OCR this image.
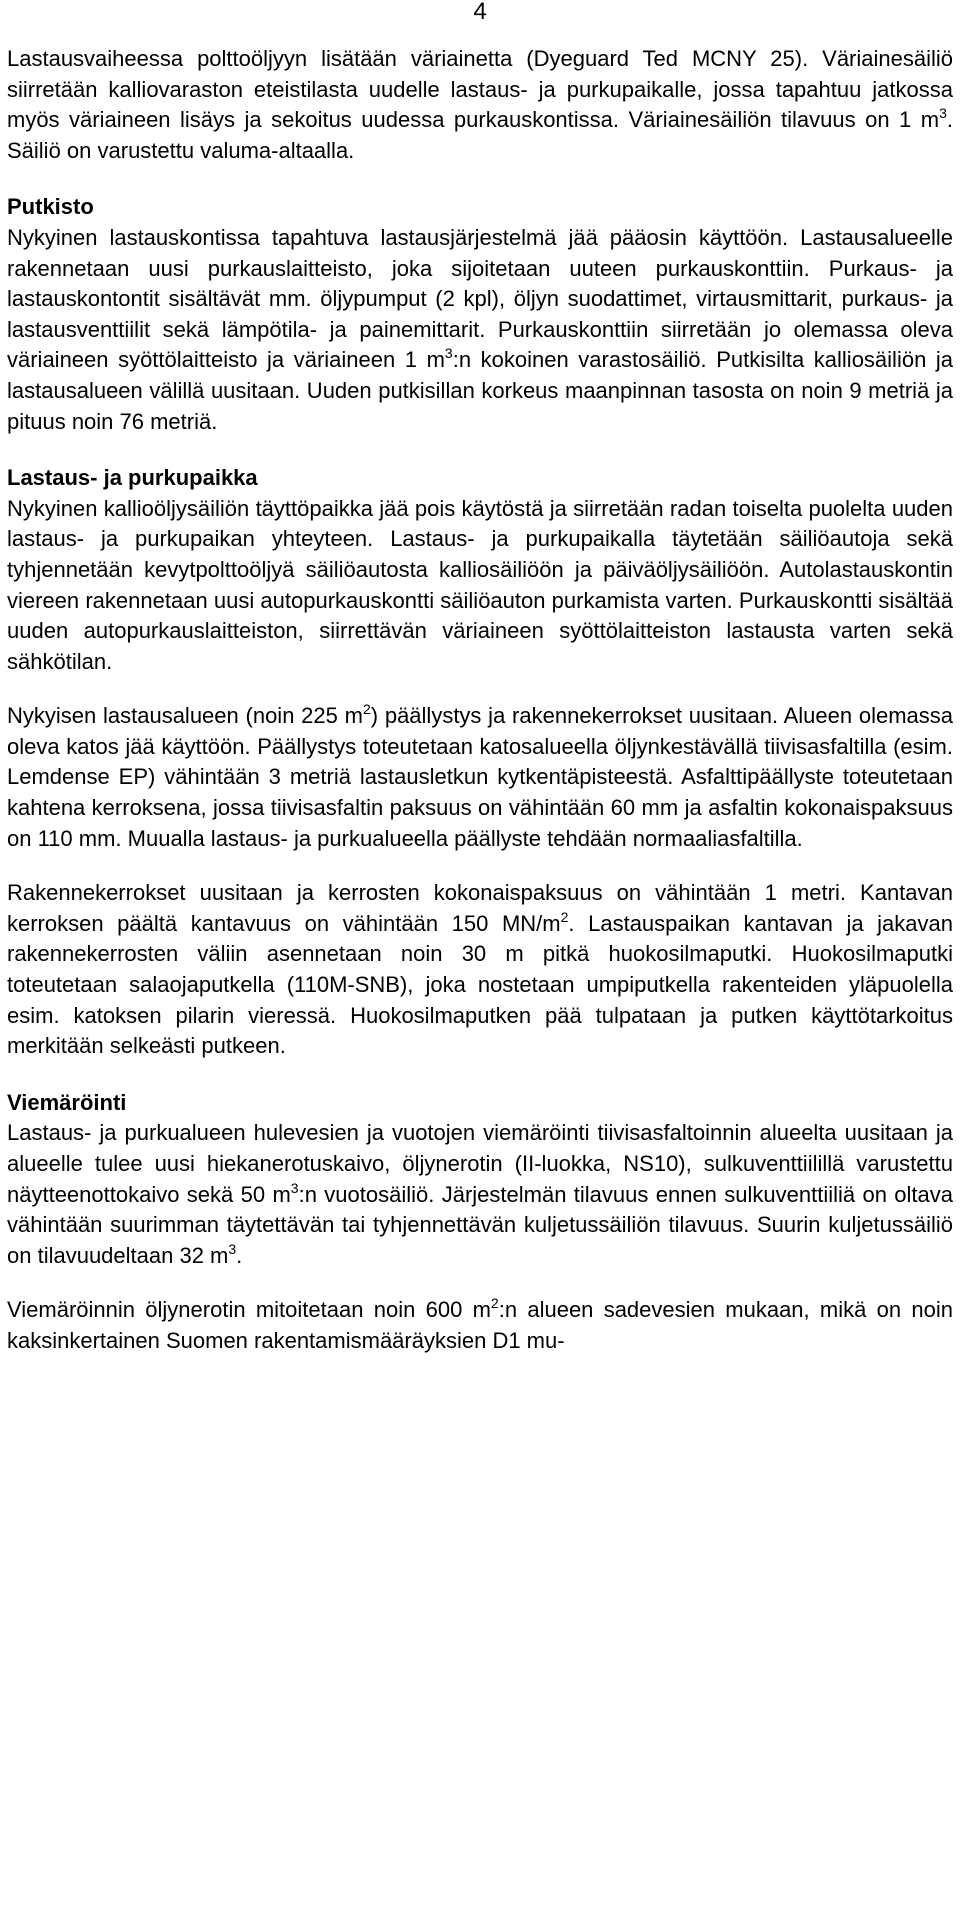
4

Lastausvaiheessa polttoöljyyn lisätään väriainetta (Dyeguard Ted MCNY 25). Väriainesäiliö siirretään kalliovaraston eteistilasta uudelle lastaus- ja purkupaikalle, jossa tapahtuu jatkossa myös väriaineen lisäys ja sekoitus uudessa purkauskontissa. Väriainesäiliön tilavuus on 1 $m^3$. Säiliö on varustettu valuma-altaalla.

Putkisto

Nykyinen lastauskontissa tapahtuva lastausjärjestelmä jää pääosin käyttöön. Lastausalueelle rakennetaan uusi purkauslaitteisto, joka sijoitetaan uuteen purkauskonttiin. Purkaus- ja lastauskontontit sisältävät mm. öljypumput (2 kpl), öljyn suodattimet, virtausmittarit, purkaus- ja lastausventtiilit sekä lämpötila- ja painemittarit. Purkauskonttiin siirretään jo olemassa oleva väriaineen syöttölaitteisto ja väriaineen 1 $m^3:n$ kokoinen varastosäiliö. Putkisilta kalliosäiliön ja lastausalueen välillä uusitaan. Uuden putkisillan korkeus maanpinnan tasosta on noin 9 metriä ja pituus noin 76 metriä.

Lastaus- ja purkupaikka

Nykyinen kallioöljysäiliön täyttöpaikka jää pois käytöstä ja siirretään radan toiselta puolelta uuden lastaus- ja purkupaikan yhteyteen. Lastaus- ja purkupaikalla täytetään säiliöautoja sekä tyhjennetään kevytpolttoöljyä säiliöautosta kalliosäiliöön ja päiväöljysäiliöön. Autolastauskontin viereen rakennetaan uusi autopurkauskontti säiliöauton purkamista varten. Purkauskontti sisältää uuden autopurkauslaitteiston, siirrettävän väriaineen syöttölaitteiston lastausta varten sekä sähkötilan.

Nykyisen lastausalueen (noin 225 $m^2$) päällystys ja rakennekerrokset uusitaan. Alueen olemassa oleva katos jää käyttöön. Päällystys toteutetaan katosalueella öljynkestävällä tiivisasfaltilla (esim. Lemdense EP) vähintään 3 metriä lastausletkun kytkentäpisteestä. Asfalttipäällyste toteutetaan kahtena kerroksena, jossa tiivisasfaltin paksuus on vähintään 60 mm ja asfaltin kokonaispaksuus on 110 mm. Muualla lastaus- ja purkualueella päällyste tehdään normaaliasfaltilla.

Rakennekerrokset uusitaan ja kerrosten kokonaispaksuus on vähintään 1 metri. Kantavan kerroksen päältä kantavuus on vähintään 150 $MN/m^2$. Lastauspaikan kantavan ja jakavan rakennekerrosten väliin asennetaan noin 30 m pitkä huokosilmaputki. Huokosilmaputki toteutetaan salaojaputkella (110M-SNB), joka nostetaan umpiputkella rakenteiden yläpuolella esim. katoksen pilarin vieressä. Huokosilmaputken pää tulpataan ja putken käyttötarkoitus merkitään selkeästi putkeen.

Viemäröinti

Lastaus- ja purkualueen hulevesien ja vuotojen viemäröinti tiivisasfaltoinnin alueelta uusitaan ja alueelle tulee uusi hiekanerotuskaivo, öljynerotin (II-luokka, NS10), sulkuventtiilillä varustettu näytteenottokaivo sekä 50 $m^3:n$ vuotosäiliö. Järjestelmän tilavuus ennen sulkuventtiiliä on oltava vähintään suurimman täytettävän tai tyhjennettävän kuljetussäiliön tilavuus. Suurin kuljetussäiliö on tilavuudeltaan 32 $m^3$.

Viemäröinnin öljynerotin mitoitetaan noin 600 $m^2:n$ alueen sadevesien mukaan, mikä on noin kaksinkertainen Suomen rakentamismääräyksien D1 mu-
